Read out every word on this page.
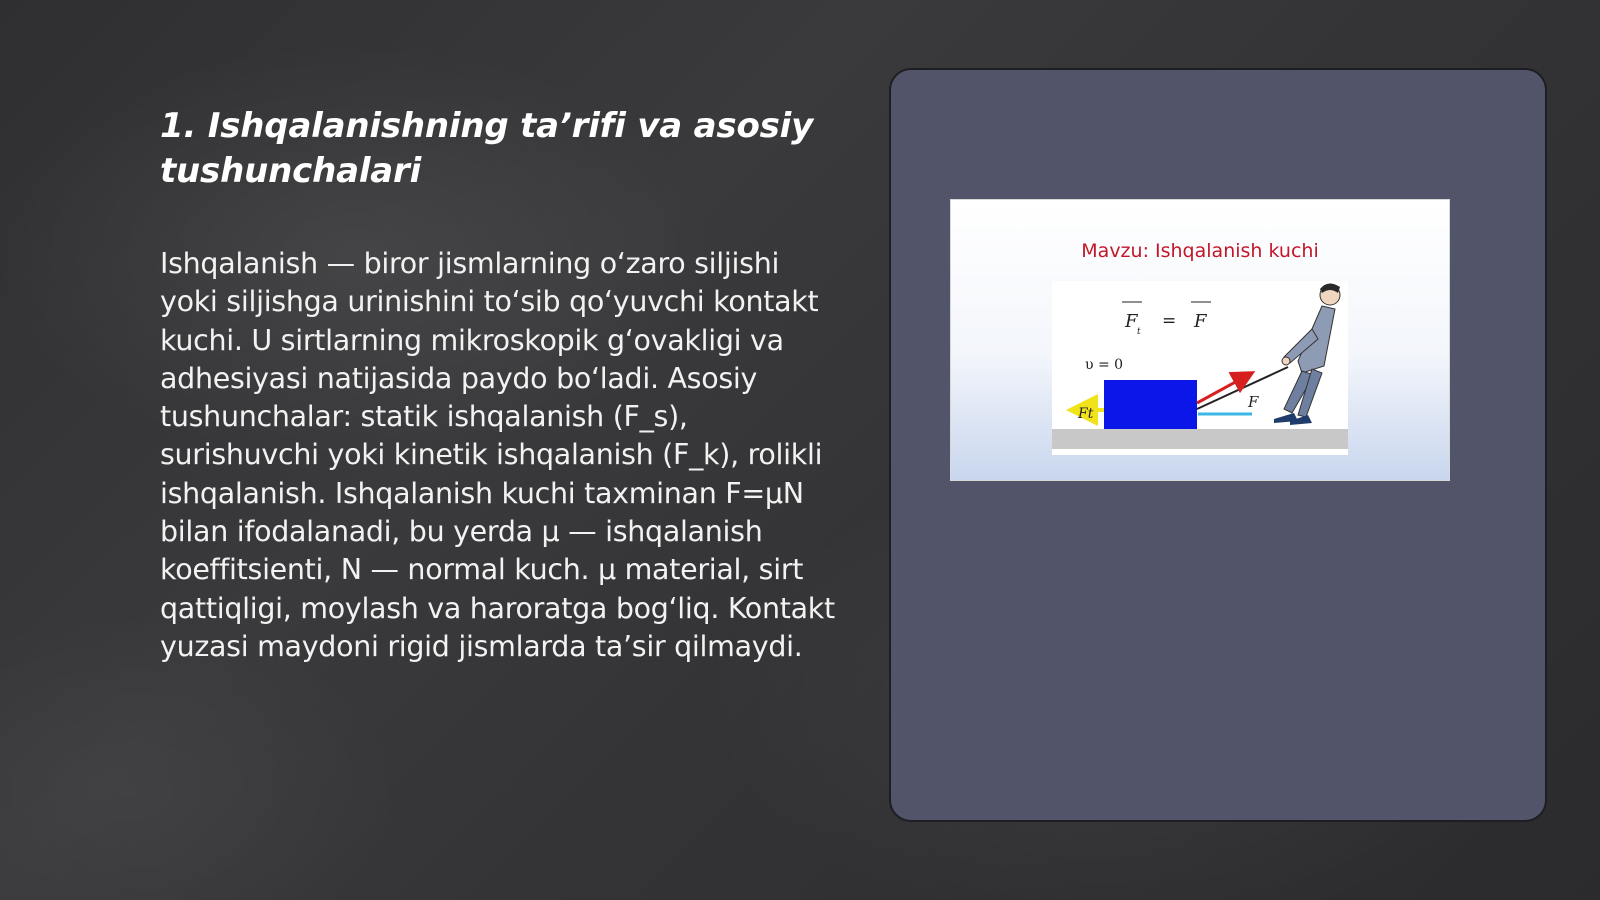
1. Ishqalanishning ta’rifi va asosiy tushunchalari

Ishqalanish — biror jismlarning o‘zaro siljishi yoki siljishga urinishini to‘sib qo‘yuvchi kontakt kuchi. U sirtlarning mikroskopik g‘ovakligi va adhesiyasi natijasida paydo bo‘ladi. Asosiy tushunchalar: statik ishqalanish (F_s), surishuvchi yoki kinetik ishqalanish (F_k), rolikli ishqalanish. Ishqalanish kuchi taxminan F=μN bilan ifodalanadi, bu yerda μ — ishqalanish koeffitsienti, N — normal kuch. μ material, sirt qattiqligi, moylash va haroratga bog‘liq. Kontakt yuzasi maydoni rigid jismlarda ta’sir qilmaydi.

Mavzu: Ishqalanish kuchi
F t
= F
υ = 0
Ft
F
